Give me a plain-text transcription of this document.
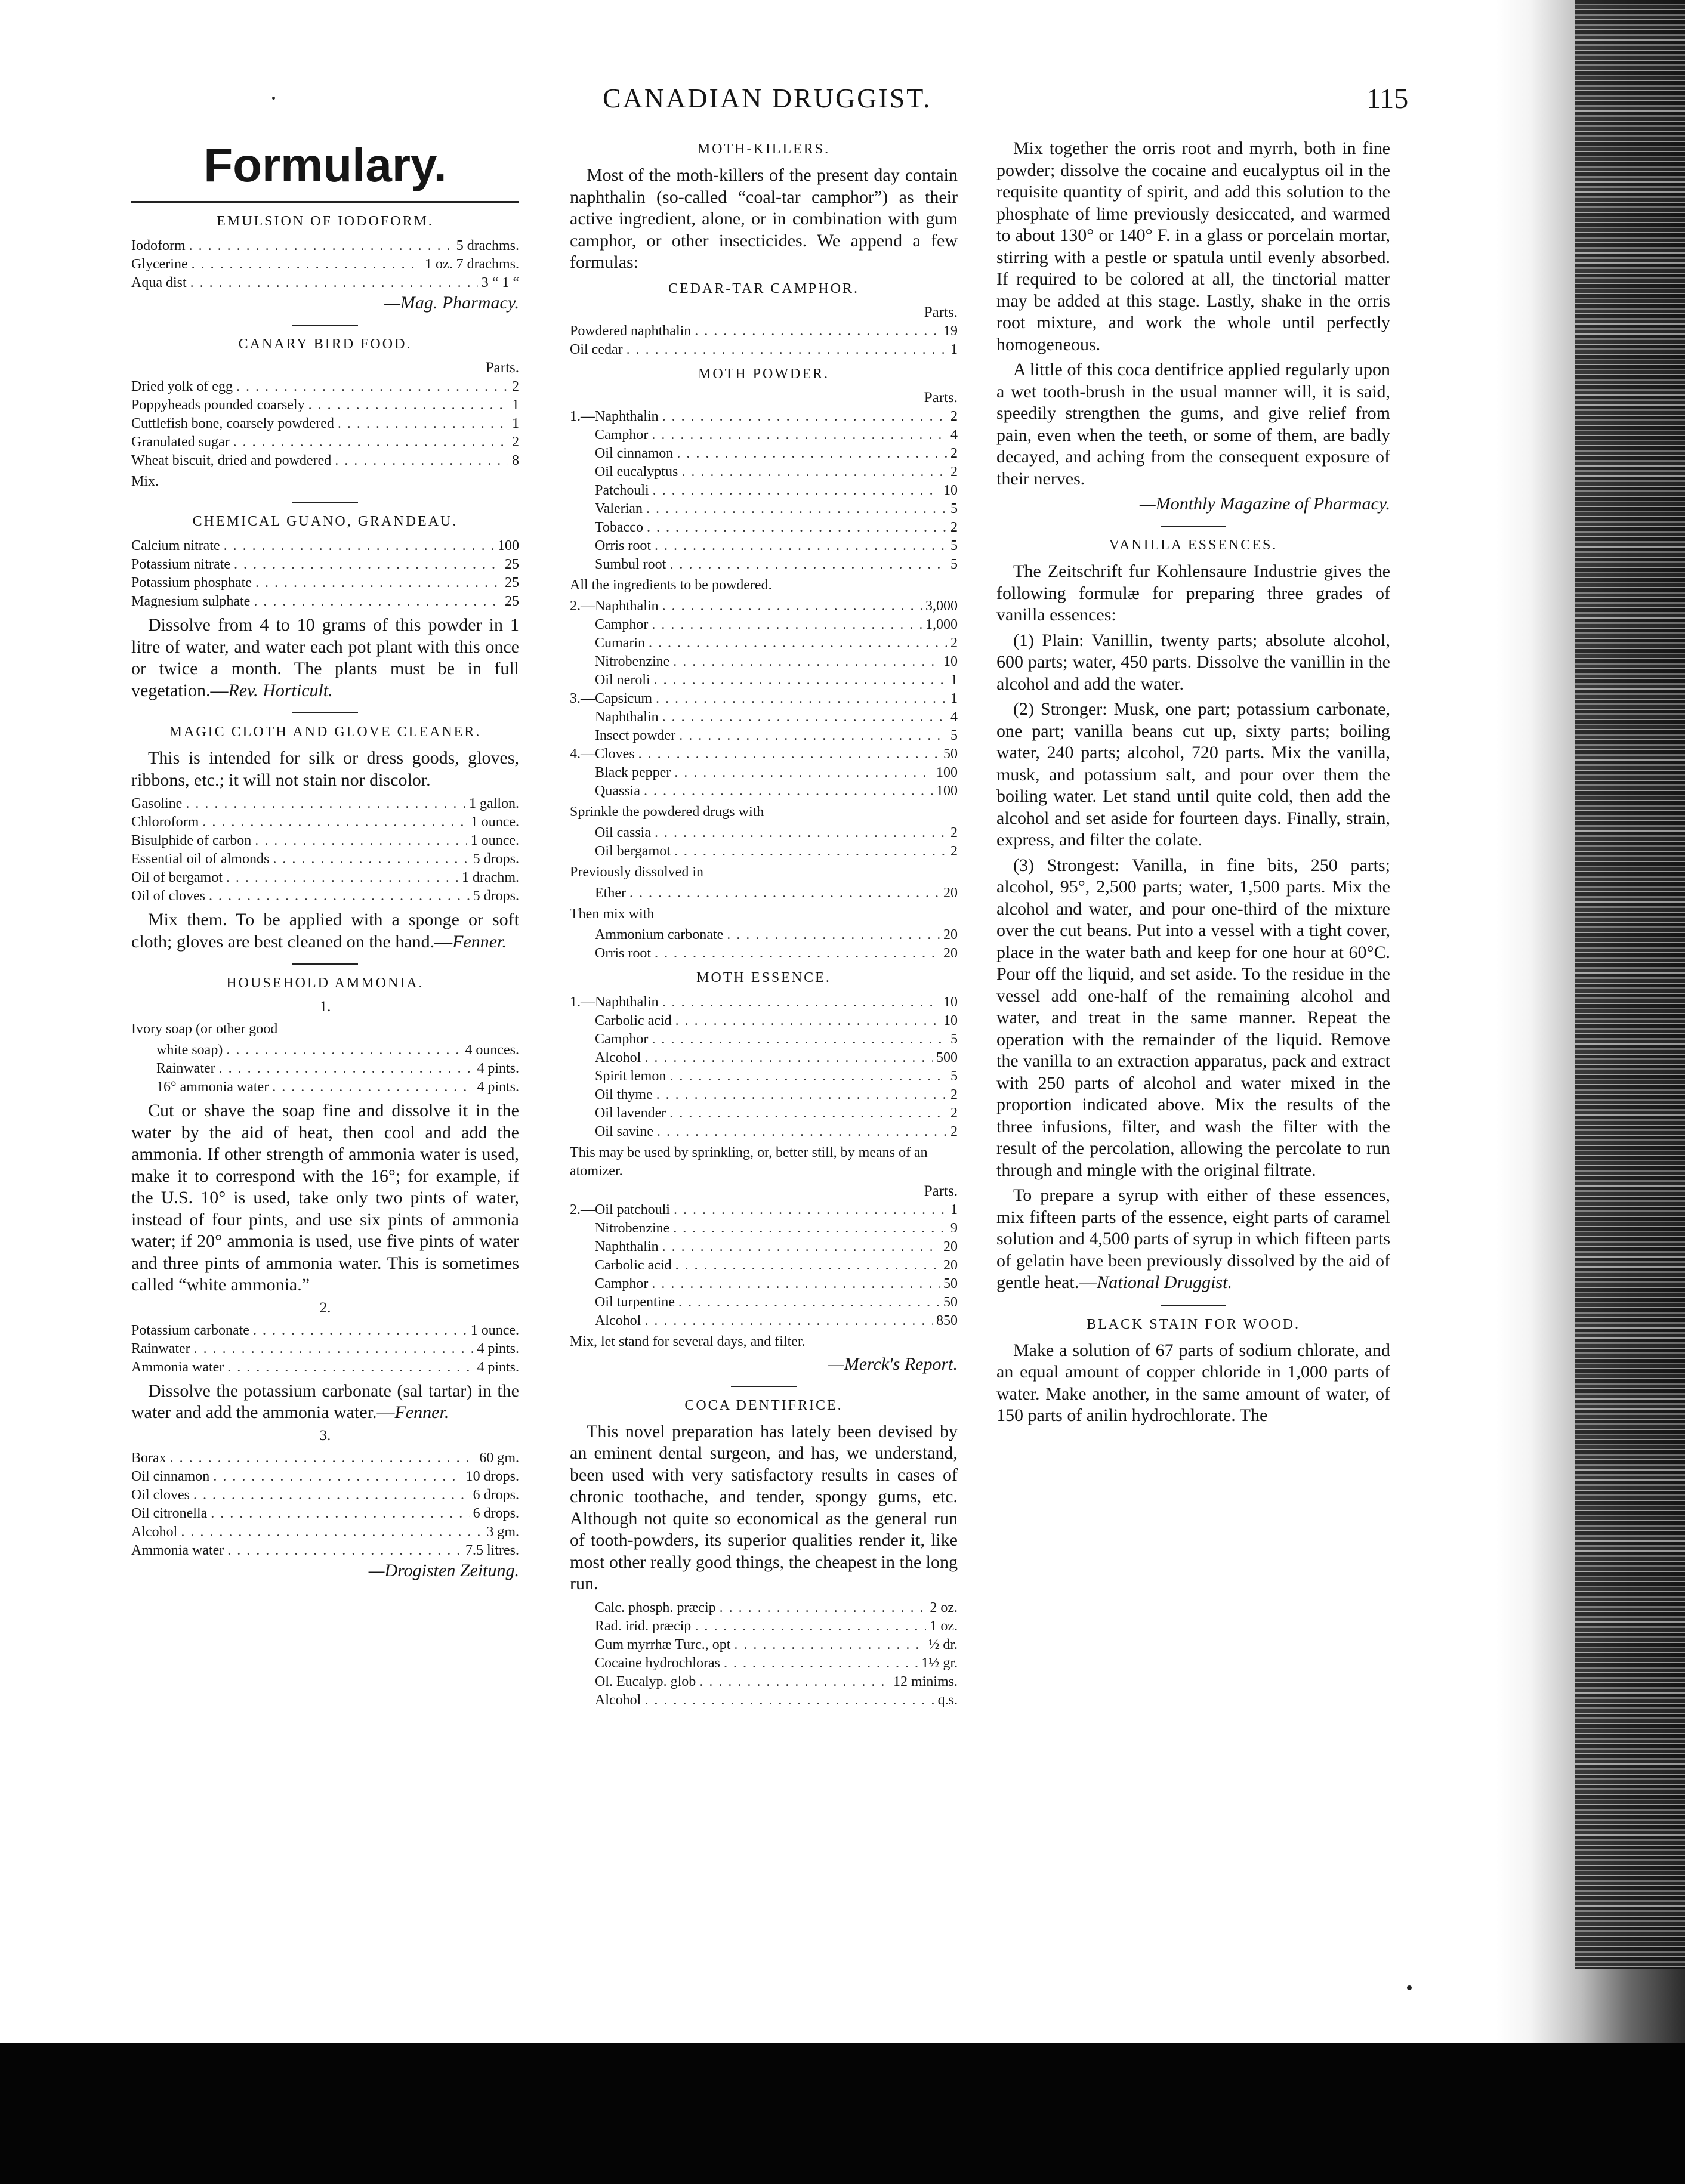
CANADIAN DRUGGIST.	115
Formulary.
EMULSION OF IODOFORM.
Iodoform . . .	5 drachms.
Glycerine . . .	1 oz. 7 drachms.
Aqua dist . . .	3 “ 1 “
—Mag. Pharmacy.
CANARY BIRD FOOD.
Parts.
Dried yolk of egg . . .	2
Poppyheads pounded coarsely . . .	1
Cuttlefish bone, coarsely powdered . . .	1
Granulated sugar . . .	2
Wheat biscuit, dried and powdered . . .	8
Mix.
CHEMICAL GUANO, GRANDEAU.
Calcium nitrate . . .	100
Potassium nitrate . . .	25
Potassium phosphate . . .	25
Magnesium sulphate . . .	25
Dissolve from 4 to 10 grams of this powder in 1 litre of water, and water each pot plant with this once or twice a month. The plants must be in full vegetation.—Rev. Horticult.
MAGIC CLOTH AND GLOVE CLEANER.
This is intended for silk or dress goods, gloves, ribbons, etc.; it will not stain nor discolor.
Gasoline . . .	1 gallon.
Chloroform . . .	1 ounce.
Bisulphide of carbon . . .	1 ounce.
Essential oil of almonds . . .	5 drops.
Oil of bergamot . . .	1 drachm.
Oil of cloves . . .	5 drops.
Mix them. To be applied with a sponge or soft cloth; gloves are best cleaned on the hand.—Fenner.
HOUSEHOLD AMMONIA.
1.
Ivory soap (or other good
white soap) . . .	4 ounces.
Rainwater . . .	4 pints.
16° ammonia water . . .	4 pints.
Cut or shave the soap fine and dissolve it in the water by the aid of heat, then cool and add the ammonia. If other strength of ammonia water is used, make it to correspond with the 16°; for example, if the U.S. 10° is used, take only two pints of water, instead of four pints, and use six pints of ammonia water; if 20° ammonia is used, use five pints of water and three pints of ammonia water. This is sometimes called “white ammonia.”
2.
Potassium carbonate . . .	1 ounce.
Rainwater . . .	4 pints.
Ammonia water . . .	4 pints.
Dissolve the potassium carbonate (sal tartar) in the water and add the ammonia water.—Fenner.
3.
Borax . . .	60 gm.
Oil cinnamon . . .	10 drops.
Oil cloves . . .	6 drops.
Oil citronella . . .	6 drops.
Alcohol . . .	3 gm.
Ammonia water . . .	7.5 litres.
—Drogisten Zeitung.
MOTH-KILLERS.
Most of the moth-killers of the present day contain naphthalin (so-called “coal-tar camphor”) as their active ingredient, alone, or in combination with gum camphor, or other insecticides. We append a few formulas:
CEDAR-TAR CAMPHOR.
Parts.
Powdered naphthalin . . .	19
Oil cedar . . .	1
MOTH POWDER.
Parts.
1.—Naphthalin . . .	2
Camphor . . .	4
Oil cinnamon . . .	2
Oil eucalyptus . . .	2
Patchouli . . .	10
Valerian . . .	5
Tobacco . . .	2
Orris root . . .	5
Sumbul root . . .	5
All the ingredients to be powdered.
2.—Naphthalin . . .	3,000
Camphor . . .	1,000
Cumarin . . .	2
Nitrobenzine . . .	10
Oil neroli . . .	1
3.—Capsicum . . .	1
Naphthalin . . .	4
Insect powder . . .	5
4.—Cloves . . .	50
Black pepper . . .	100
Quassia . . .	100
Sprinkle the powdered drugs with
Oil cassia . . .	2
Oil bergamot . . .	2
Previously dissolved in
Ether . . .	20
Then mix with
Ammonium carbonate . . .	20
Orris root . . .	20
MOTH ESSENCE.
1.—Naphthalin . . .	10
Carbolic acid . . .	10
Camphor . . .	5
Alcohol . . .	500
Spirit lemon . . .	5
Oil thyme . . .	2
Oil lavender . . .	2
Oil savine . . .	2
This may be used by sprinkling, or, better still, by means of an atomizer.
Parts.
2.—Oil patchouli . . .	1
Nitrobenzine . . .	9
Naphthalin . . .	20
Carbolic acid . . .	20
Camphor . . .	50
Oil turpentine . . .	50
Alcohol . . .	850
Mix, let stand for several days, and filter.
—Merck's Report.
COCA DENTIFRICE.
This novel preparation has lately been devised by an eminent dental surgeon, and has, we understand, been used with very satisfactory results in cases of chronic toothache, and tender, spongy gums, etc. Although not quite so economical as the general run of tooth-powders, its superior qualities render it, like most other really good things, the cheapest in the long run.
Calc. phosph. præcip . . .	2 oz.
Rad. irid. præcip . . .	1 oz.
Gum myrrhæ Turc., opt . . .	½ dr.
Cocaine hydrochloras . . .	1½ gr.
Ol. Eucalyp. glob . . .	12 minims.
Alcohol . . .	q.s.
Mix together the orris root and myrrh, both in fine powder; dissolve the cocaine and eucalyptus oil in the requisite quantity of spirit, and add this solution to the phosphate of lime previously desiccated, and warmed to about 130° or 140° F. in a glass or porcelain mortar, stirring with a pestle or spatula until evenly absorbed. If required to be colored at all, the tinctorial matter may be added at this stage. Lastly, shake in the orris root mixture, and work the whole until perfectly homogeneous.
A little of this coca dentifrice applied regularly upon a wet tooth-brush in the usual manner will, it is said, speedily strengthen the gums, and give relief from pain, even when the teeth, or some of them, are badly decayed, and aching from the consequent exposure of their nerves.
—Monthly Magazine of Pharmacy.
VANILLA ESSENCES.
The Zeitschrift fur Kohlensaure Industrie gives the following formulæ for preparing three grades of vanilla essences:
(1) Plain: Vanillin, twenty parts; absolute alcohol, 600 parts; water, 450 parts. Dissolve the vanillin in the alcohol and add the water.
(2) Stronger: Musk, one part; potassium carbonate, one part; vanilla beans cut up, sixty parts; boiling water, 240 parts; alcohol, 720 parts. Mix the vanilla, musk, and potassium salt, and pour over them the boiling water. Let stand until quite cold, then add the alcohol and set aside for fourteen days. Finally, strain, express, and filter the colate.
(3) Strongest: Vanilla, in fine bits, 250 parts; alcohol, 95°, 2,500 parts; water, 1,500 parts. Mix the alcohol and water, and pour one-third of the mixture over the cut beans. Put into a vessel with a tight cover, place in the water bath and keep for one hour at 60°C. Pour off the liquid, and set aside. To the residue in the vessel add one-half of the remaining alcohol and water, and treat in the same manner. Repeat the operation with the remainder of the liquid. Remove the vanilla to an extraction apparatus, pack and extract with 250 parts of alcohol and water mixed in the proportion indicated above. Mix the results of the three infusions, filter, and wash the filter with the result of the percolation, allowing the percolate to run through and mingle with the original filtrate.
To prepare a syrup with either of these essences, mix fifteen parts of the essence, eight parts of caramel solution and 4,500 parts of syrup in which fifteen parts of gelatin have been previously dissolved by the aid of gentle heat.—National Druggist.
BLACK STAIN FOR WOOD.
Make a solution of 67 parts of sodium chlorate, and an equal amount of copper chloride in 1,000 parts of water. Make another, in the same amount of water, of 150 parts of anilin hydrochlorate. The
